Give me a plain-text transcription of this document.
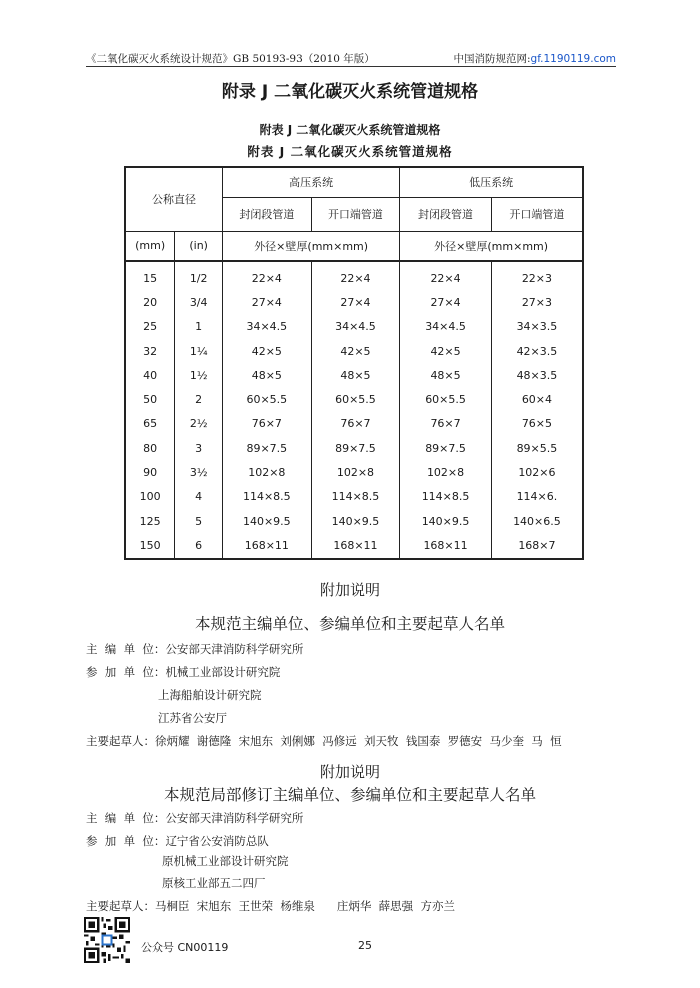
《二氧化碳灭火系统设计规范》GB 50193-93（2010 年版）	中国消防规范网:gf.1190119.com
附录 J 二氧化碳灭火系统管道规格
附表 J 二氧化碳灭火系统管道规格
附表 J 二氧化碳灭火系统管道规格
公称直径		高压系统		低压系统	
		封闭段管道	开口端管道	封闭段管道	开口端管道
(mm)	(in)	外径×壁厚(mm×mm)		外径×壁厚(mm×mm)	
15	1/2	22×4	22×4	22×4	22×3
20	3/4	27×4	27×4	27×4	27×3
25	1	34×4.5	34×4.5	34×4.5	34×3.5
32	1¼	42×5	42×5	42×5	42×3.5
40	1½	48×5	48×5	48×5	48×3.5
50	2	60×5.5	60×5.5	60×5.5	60×4
65	2½	76×7	76×7	76×7	76×5
80	3	89×7.5	89×7.5	89×7.5	89×5.5
90	3½	102×8	102×8	102×8	102×6
100	4	114×8.5	114×8.5	114×8.5	114×6.
125	5	140×9.5	140×9.5	140×9.5	140×6.5
150	6	168×11	168×11	168×11	168×7
附加说明
本规范主编单位、参编单位和主要起草人名单
主  编  单  位：公安部天津消防科学研究所
参  加  单  位：机械工业部设计研究院
上海船舶设计研究院
江苏省公安厅
主要起草人：徐炳耀  谢德隆  宋旭东  刘俐娜  冯修远  刘天牧  钱国泰  罗德安  马少奎  马  恒
附加说明
本规范局部修订主编单位、参编单位和主要起草人名单
主  编  单  位：公安部天津消防科学研究所
参  加  单  位：辽宁省公安消防总队
原机械工业部设计研究院
原核工业部五二四厂
主要起草人：马桐臣  宋旭东  王世荣  杨维泉      庄炳华  薛思强  方亦兰
公众号 CN00119	25
